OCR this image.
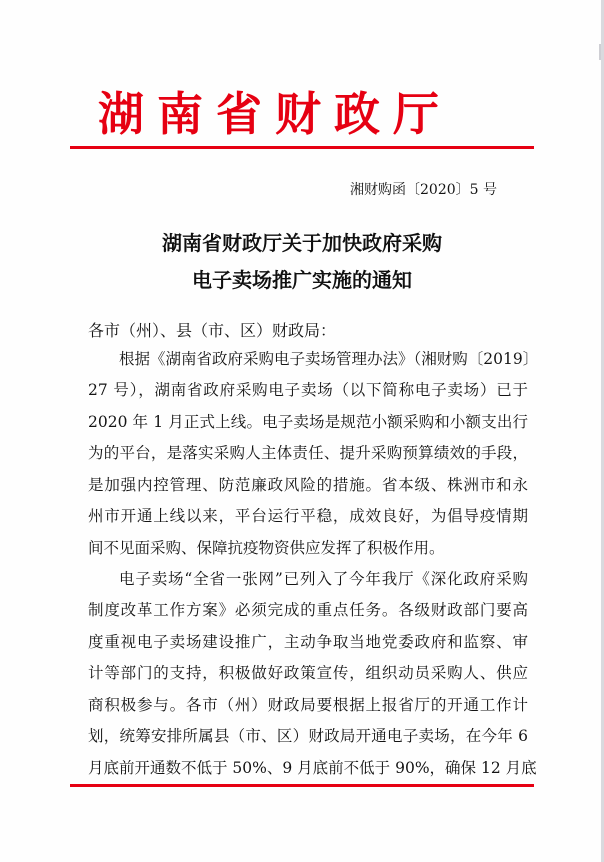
湖南省财政厅
湘财购函〔2020〕5 号
湖南省财政厅关于加快政府采购
电子卖场推广实施的通知
各市（州）、县（市、区）财政局：
根据《湖南省政府采购电子卖场管理办法》（湘财购〔2019〕
27 号），湖南省政府采购电子卖场（以下简称电子卖场）已于
2020 年 1 月正式上线。电子卖场是规范小额采购和小额支出行
为的平台，是落实采购人主体责任、提升采购预算绩效的手段，
是加强内控管理、防范廉政风险的措施。省本级、株洲市和永
州市开通上线以来，平台运行平稳，成效良好，为倡导疫情期
间不见面采购、保障抗疫物资供应发挥了积极作用。
电子卖场“全省一张网”已列入了今年我厅《深化政府采购
制度改革工作方案》必须完成的重点任务。各级财政部门要高
度重视电子卖场建设推广，主动争取当地党委政府和监察、审
计等部门的支持，积极做好政策宣传，组织动员采购人、供应
商积极参与。各市（州）财政局要根据上报省厅的开通工作计
划，统筹安排所属县（市、区）财政局开通电子卖场，在今年 6
月底前开通数不低于 50%、9 月底前不低于 90%，确保 12 月底
